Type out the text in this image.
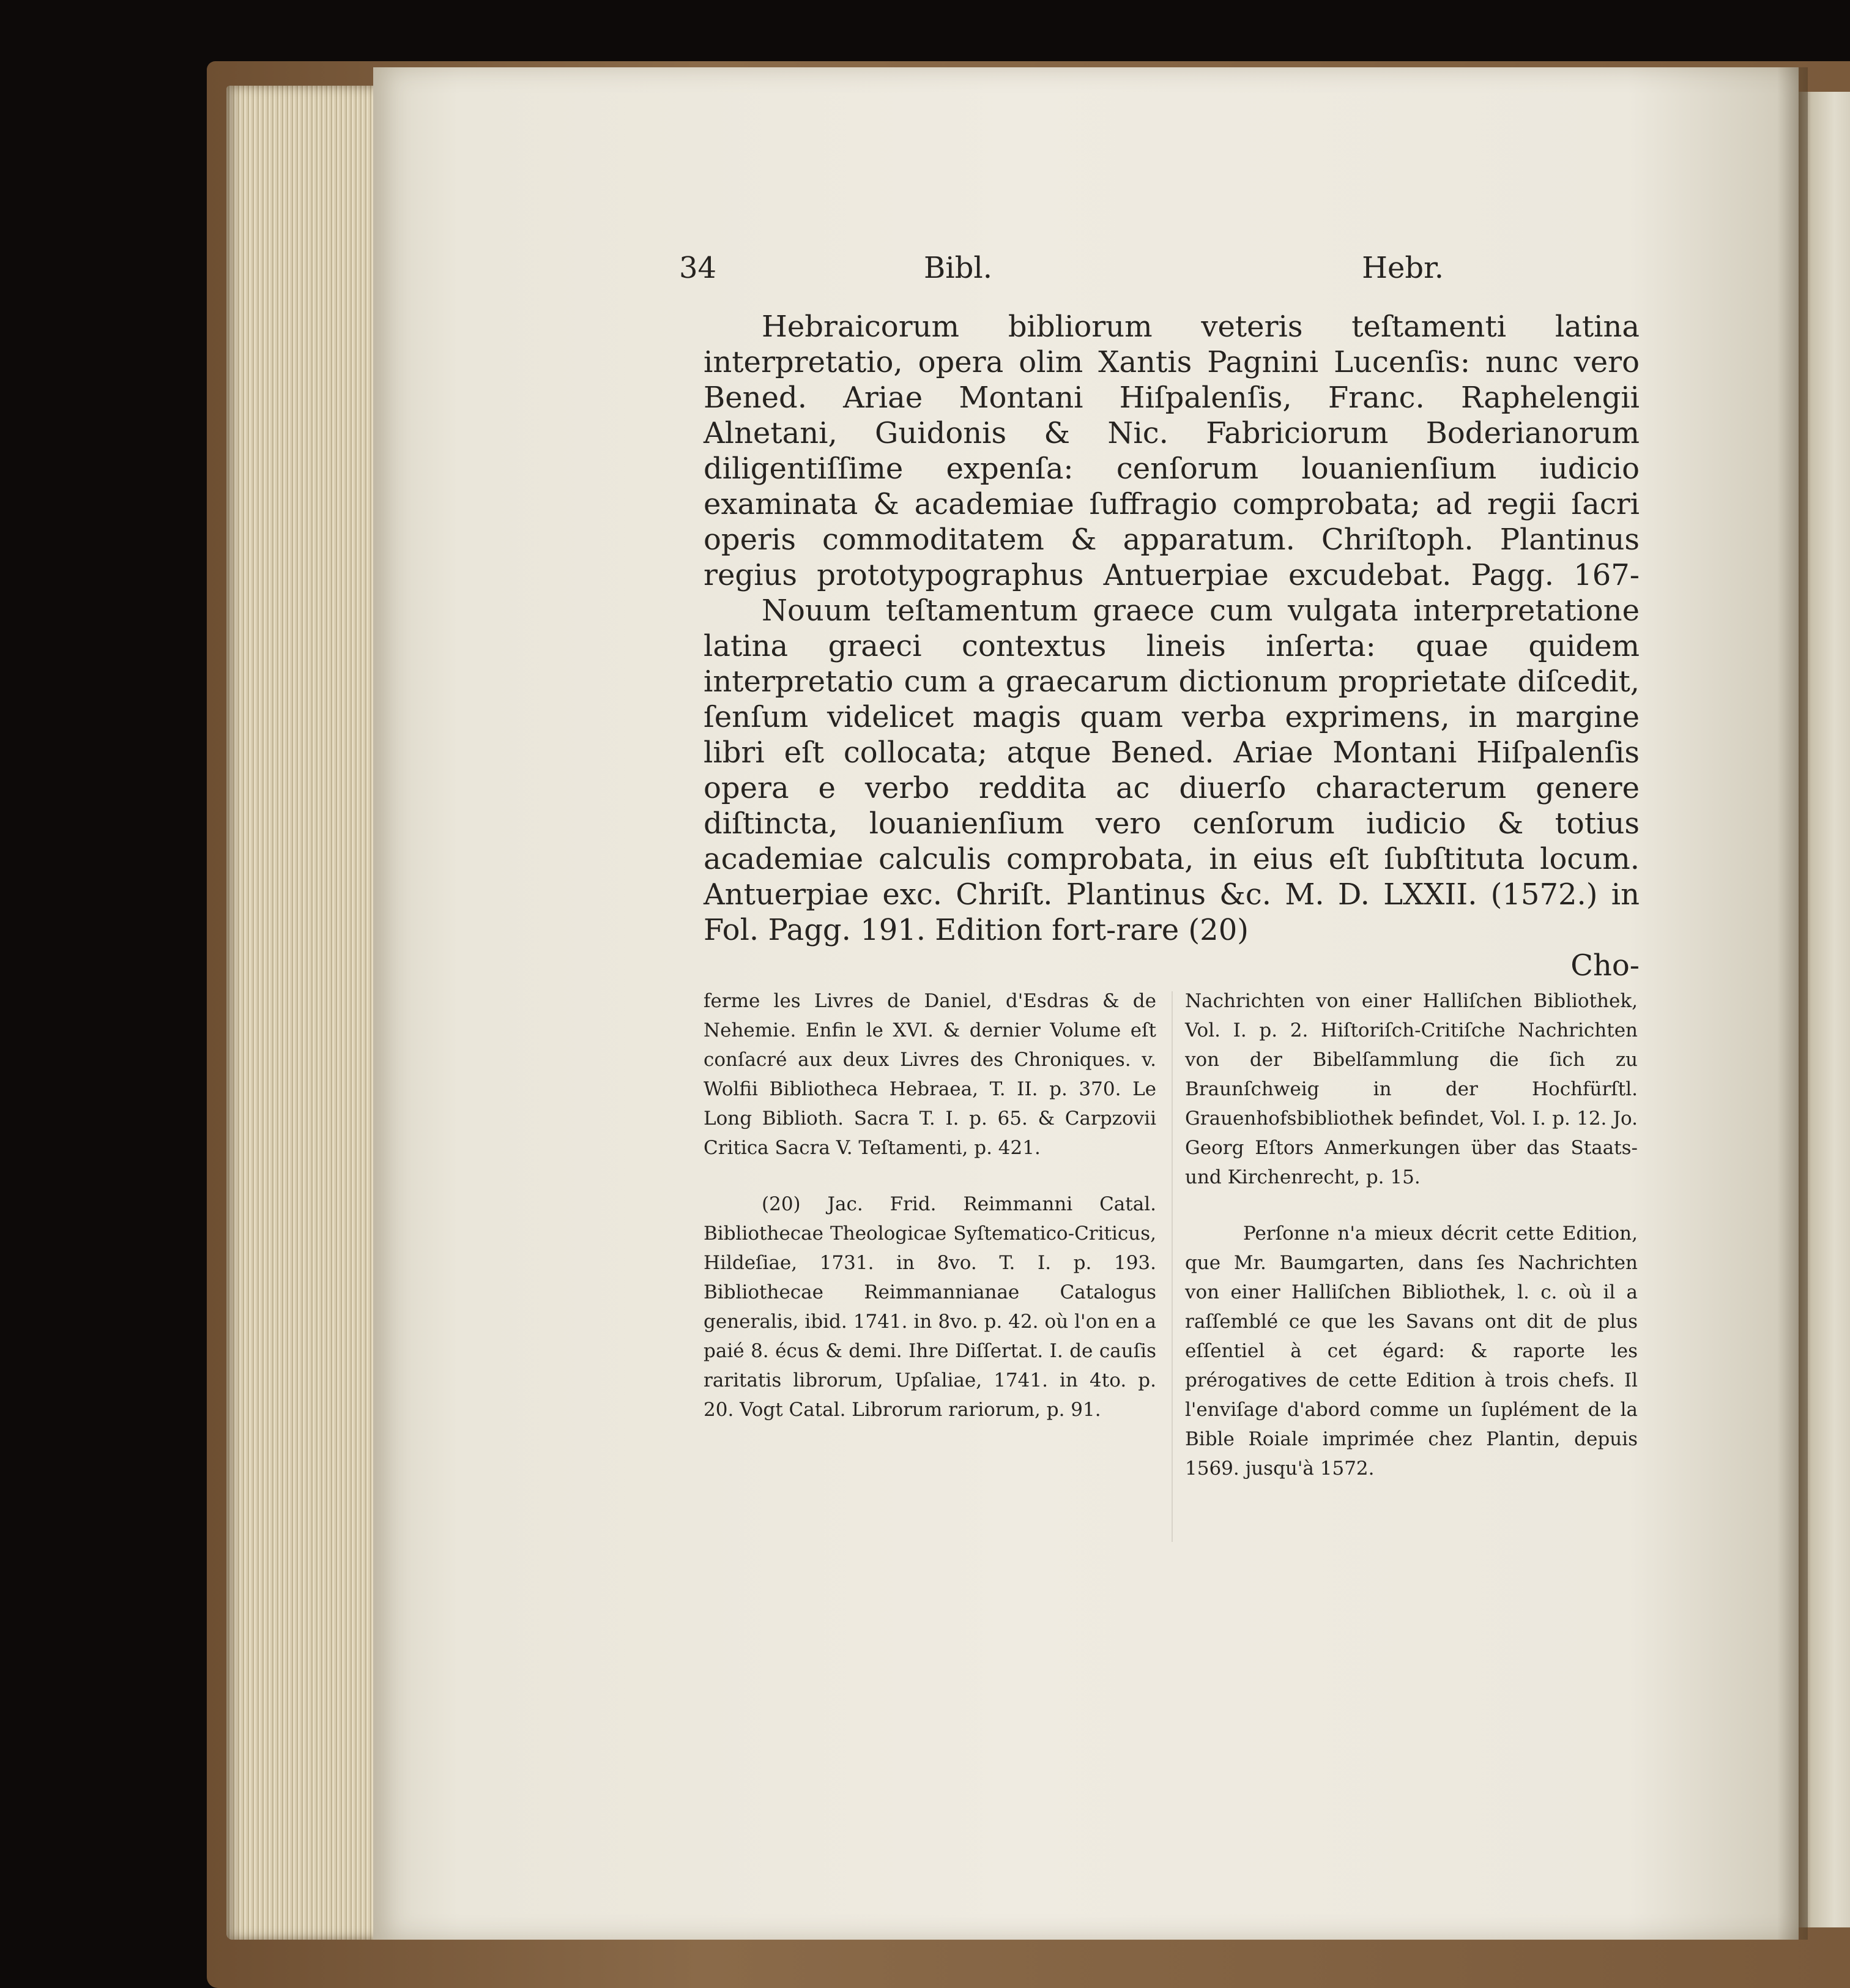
34	Bibl.	Hebr.

Hebraicorum bibliorum veteris teſtamenti latina interpretatio, opera olim Xantis Pagnini Lucenſis: nunc vero Bened. Ariae Montani Hiſpalenſis, Franc. Raphelengii Alnetani, Guidonis & Nic. Fabriciorum Boderianorum diligentiſſime expenſa: cenſorum louanienſium iudicio examinata & academiae ſuffragio comprobata; ad regii ſacri operis commoditatem & apparatum. Chriſtoph. Plantinus regius prototypographus Antuerpiae excudebat. Pagg. 167-

Nouum teſtamentum graece cum vulgata interpretatione latina graeci contextus lineis inſerta: quae quidem interpretatio cum a graecarum dictionum proprietate diſcedit, ſenſum videlicet magis quam verba exprimens, in margine libri eſt collocata; atque Bened. Ariae Montani Hiſpalenſis opera e verbo reddita ac diuerſo characterum genere diſtincta, louanienſium vero cenſorum iudicio & totius academiae calculis comprobata, in eius eſt ſubſtituta locum. Antuerpiae exc. Chriſt. Plantinus &c. M. D. LXXII. (1572.) in Fol. Pagg. 191. Edition fort-rare (20)

Cho-

ferme les Livres de Daniel, d'Esdras & de Nehemie. Enfin le XVI. & dernier Volume eſt conſacré aux deux Livres des Chroniques. v. Wolfii Bibliotheca Hebraea, T. II. p. 370. Le Long Biblioth. Sacra T. I. p. 65. & Carpzovii Critica Sacra V. Teſtamenti, p. 421.

(20) Jac. Frid. Reimmanni Catal. Bibliothecae Theologicae Syſtematico-Criticus, Hildeſiae, 1731. in 8vo. T. I. p. 193. Bibliothecae Reimmannianae Catalogus generalis, ibid. 1741. in 8vo. p. 42. où l'on en a paié 8. écus & demi. Ihre Diſſertat. I. de cauſis raritatis librorum, Upſaliae, 1741. in 4to. p. 20. Vogt Catal. Librorum rariorum, p. 91.

Nachrichten von einer Halliſchen Bibliothek, Vol. I. p. 2. Hiſtoriſch-Critiſche Nachrichten von der Bibelſammlung die ſich zu Braunſchweig in der Hochfürſtl. Grauenhofsbibliothek befindet, Vol. I. p. 12. Jo. Georg Eſtors Anmerkungen über das Staats- und Kirchenrecht, p. 15.

Perſonne n'a mieux décrit cette Edition, que Mr. Baumgarten, dans ſes Nachrichten von einer Halliſchen Bibliothek, l. c. où il a raſſemblé ce que les Savans ont dit de plus eſſentiel à cet égard: & raporte les prérogatives de cette Edition à trois chefs. Il l'enviſage d'abord comme un ſuplément de la Bible Roiale imprimée chez Plantin, depuis 1569. jusqu'à 1572.
